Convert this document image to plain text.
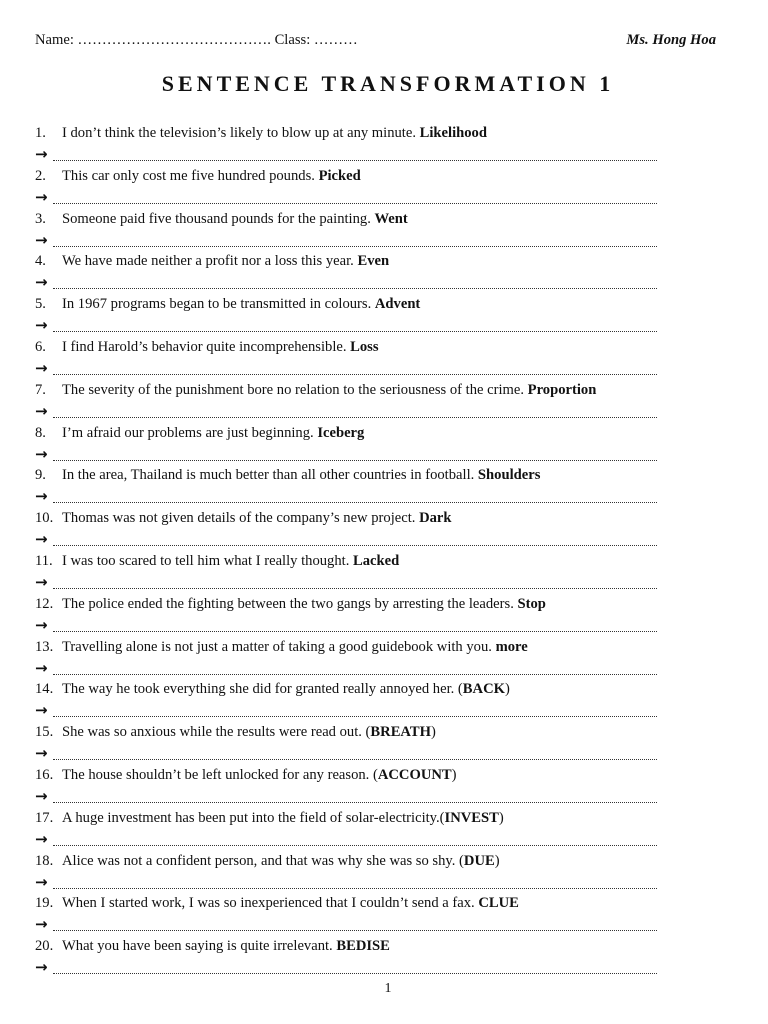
Name: …………………………………. Class: ………	Ms. Hong Hoa
SENTENCE TRANSFORMATION 1
1. I don’t think the television’s likely to blow up at any minute. Likelihood
→
2. This car only cost me five hundred pounds. Picked
→
3. Someone paid five thousand pounds for the painting. Went
→
4. We have made neither a profit nor a loss this year. Even
→
5. In 1967 programs began to be transmitted in colours. Advent
→
6. I find Harold’s behavior quite incomprehensible. Loss
→
7. The severity of the punishment bore no relation to the seriousness of the crime. Proportion
→
8. I’m afraid our problems are just beginning. Iceberg
→
9. In the area, Thailand is much better than all other countries in football. Shoulders
→
10. Thomas was not given details of the company’s new project. Dark
→
11. I was too scared to tell him what I really thought. Lacked
→
12. The police ended the fighting between the two gangs by arresting the leaders. Stop
→
13. Travelling alone is not just a matter of taking a good guidebook with you. more
→
14. The way he took everything she did for granted really annoyed her. (BACK)
→
15. She was so anxious while the results were read out. (BREATH)
→
16. The house shouldn’t be left unlocked for any reason. (ACCOUNT)
→
17. A huge investment has been put into the field of solar-electricity.(INVEST)
→
18. Alice was not a confident person, and that was why she was so shy. (DUE)
→
19. When I started work, I was so inexperienced that I couldn’t send a fax. CLUE
→
20. What you have been saying is quite irrelevant. BEDISE
→
1
